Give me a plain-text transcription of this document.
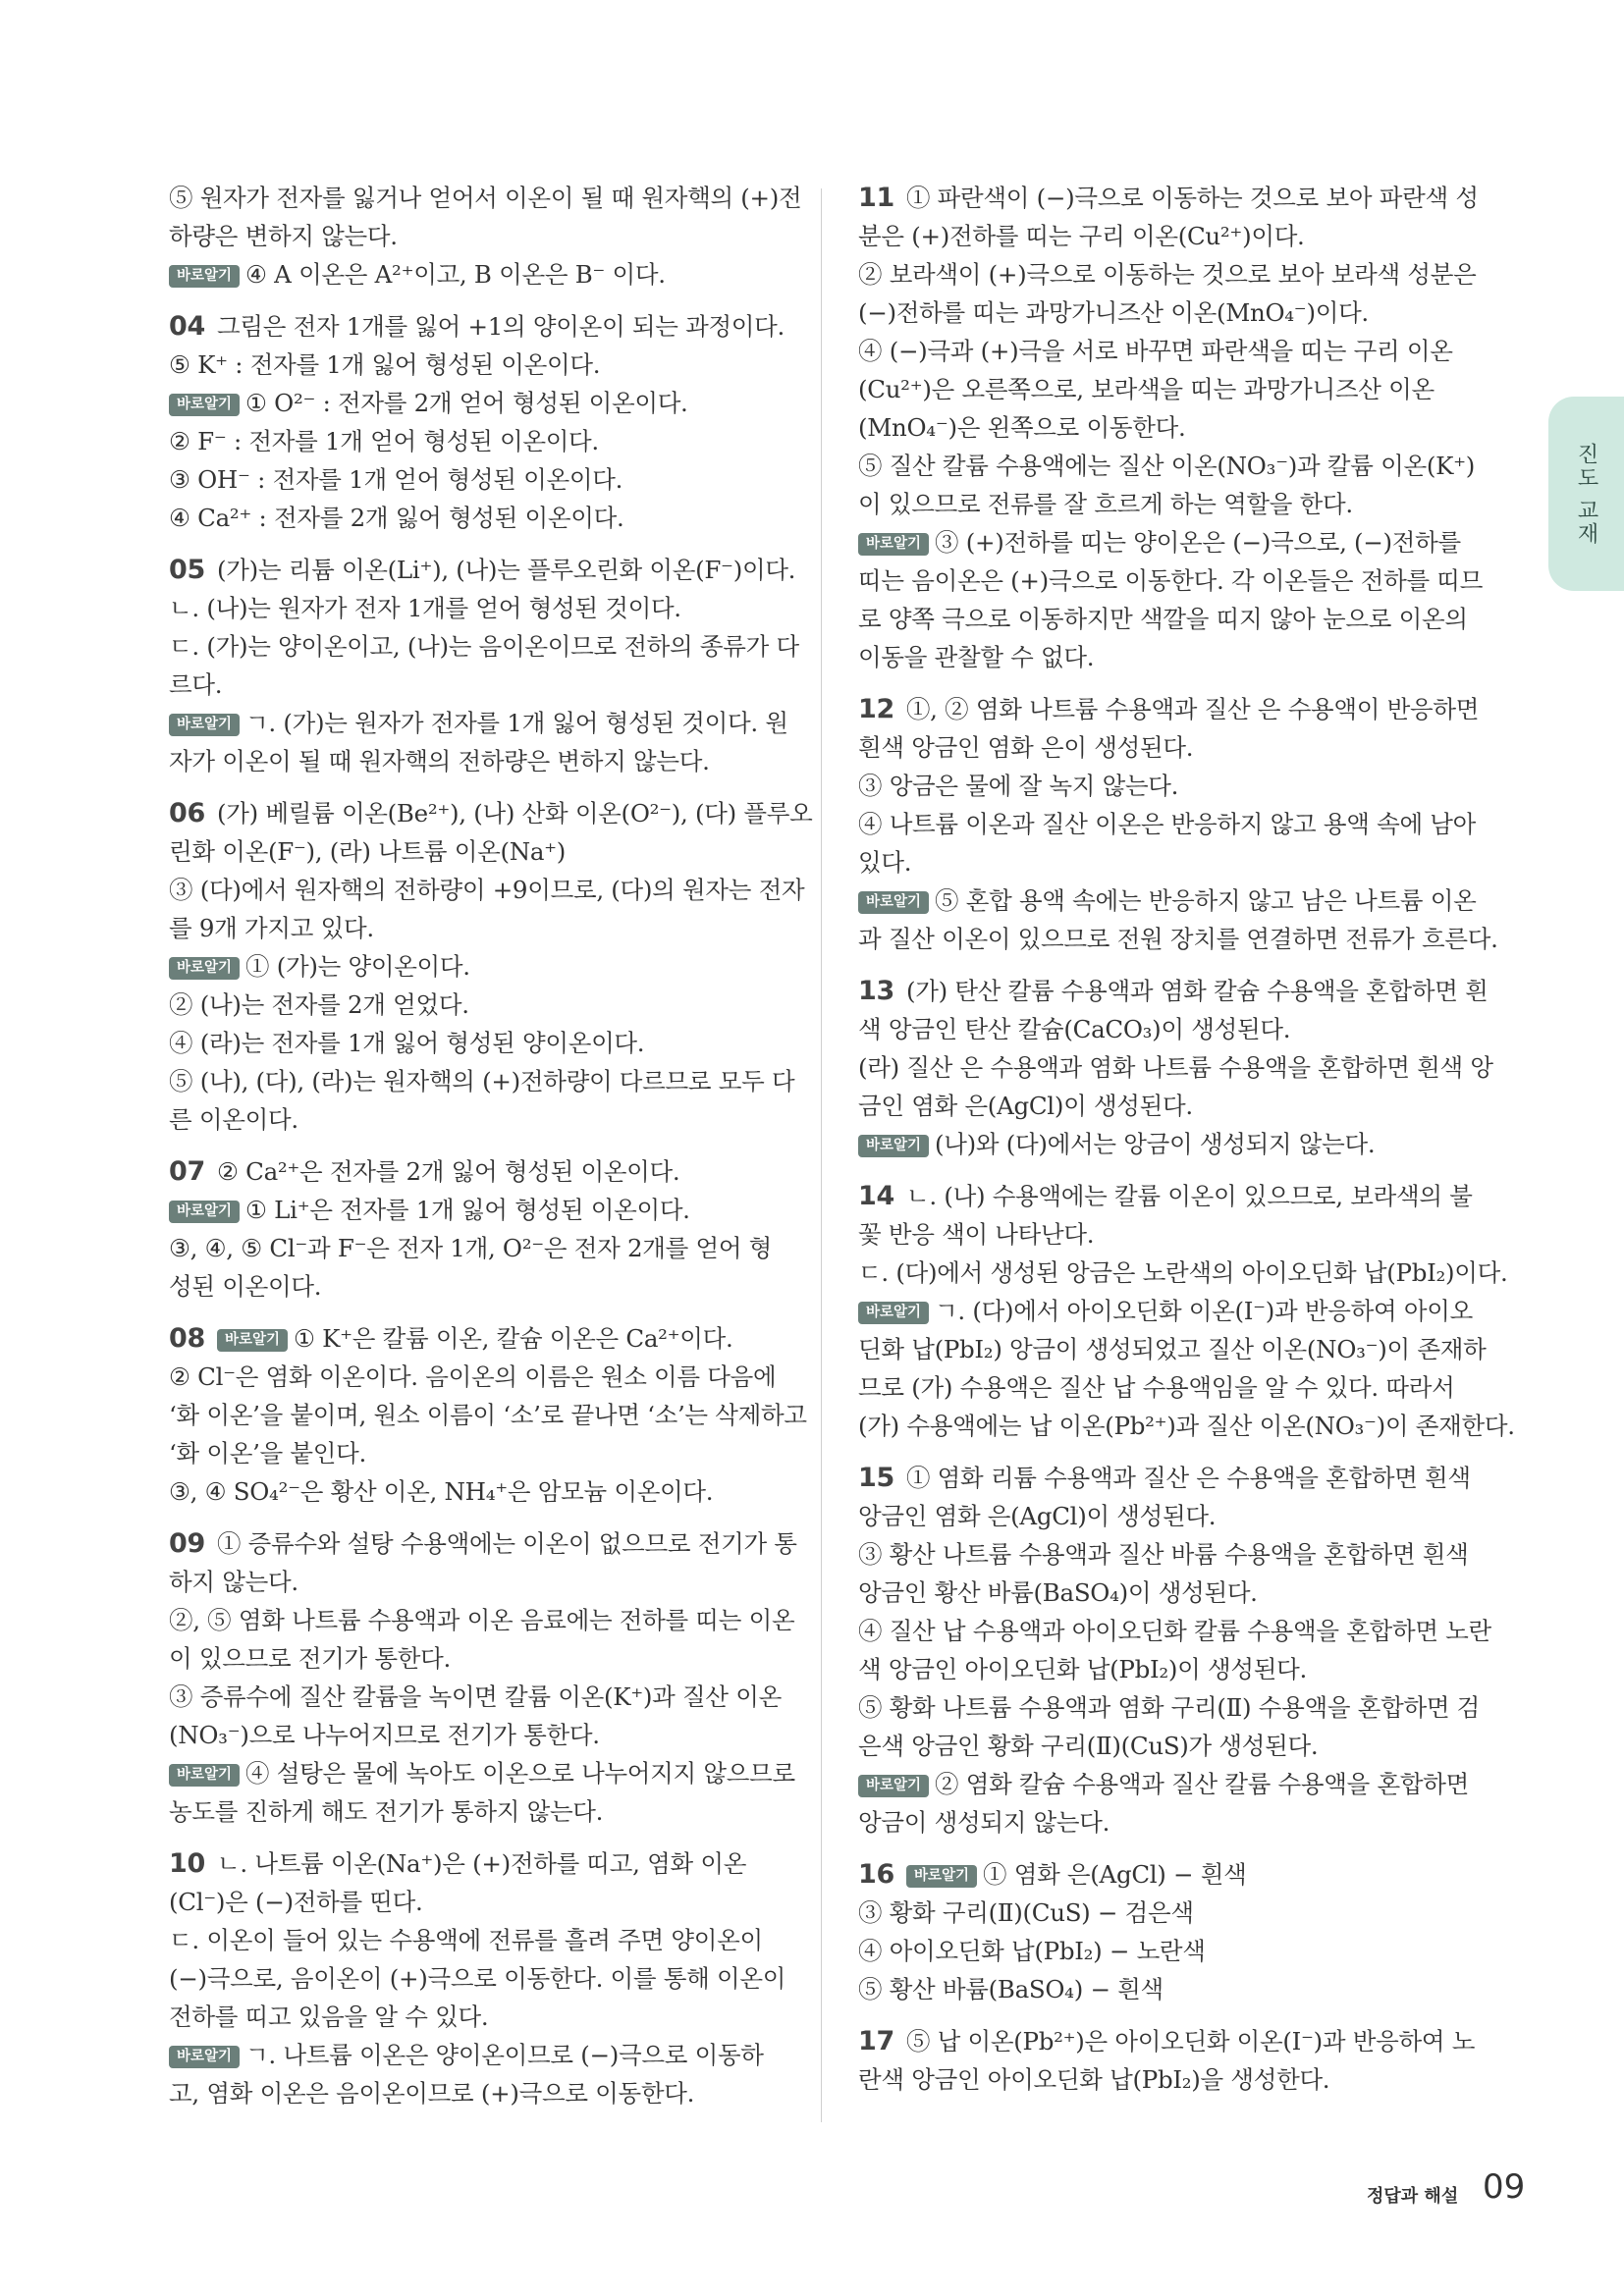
⑤ 원자가 전자를 잃거나 얻어서 이온이 될 때 원자핵의 (+)전
하량은 변하지 않는다.
바로알기 ④ A 이온은 A²⁺이고, B 이온은 B⁻ 이다.
04 그림은 전자 1개를 잃어 +1의 양이온이 되는 과정이다.
⑤ K⁺ : 전자를 1개 잃어 형성된 이온이다.
바로알기 ① O²⁻ : 전자를 2개 얻어 형성된 이온이다.
② F⁻ : 전자를 1개 얻어 형성된 이온이다.
③ OH⁻ : 전자를 1개 얻어 형성된 이온이다.
④ Ca²⁺ : 전자를 2개 잃어 형성된 이온이다.
05 (가)는 리튬 이온(Li⁺), (나)는 플루오린화 이온(F⁻)이다.
ㄴ. (나)는 원자가 전자 1개를 얻어 형성된 것이다.
ㄷ. (가)는 양이온이고, (나)는 음이온이므로 전하의 종류가 다
르다.
바로알기 ㄱ. (가)는 원자가 전자를 1개 잃어 형성된 것이다. 원
자가 이온이 될 때 원자핵의 전하량은 변하지 않는다.
06 (가) 베릴륨 이온(Be²⁺), (나) 산화 이온(O²⁻), (다) 플루오
린화 이온(F⁻), (라) 나트륨 이온(Na⁺)
③ (다)에서 원자핵의 전하량이 +9이므로, (다)의 원자는 전자
를 9개 가지고 있다.
바로알기 ① (가)는 양이온이다.
② (나)는 전자를 2개 얻었다.
④ (라)는 전자를 1개 잃어 형성된 양이온이다.
⑤ (나), (다), (라)는 원자핵의 (+)전하량이 다르므로 모두 다
른 이온이다.
07 ② Ca²⁺은 전자를 2개 잃어 형성된 이온이다.
바로알기 ① Li⁺은 전자를 1개 잃어 형성된 이온이다.
③, ④, ⑤ Cl⁻과 F⁻은 전자 1개, O²⁻은 전자 2개를 얻어 형
성된 이온이다.
08 바로알기 ① K⁺은 칼륨 이온, 칼슘 이온은 Ca²⁺이다.
② Cl⁻은 염화 이온이다. 음이온의 이름은 원소 이름 다음에
‘화 이온’을 붙이며, 원소 이름이 ‘소’로 끝나면 ‘소’는 삭제하고
‘화 이온’을 붙인다.
③, ④ SO₄²⁻은 황산 이온, NH₄⁺은 암모늄 이온이다.
09 ① 증류수와 설탕 수용액에는 이온이 없으므로 전기가 통
하지 않는다.
②, ⑤ 염화 나트륨 수용액과 이온 음료에는 전하를 띠는 이온
이 있으므로 전기가 통한다.
③ 증류수에 질산 칼륨을 녹이면 칼륨 이온(K⁺)과 질산 이온
(NO₃⁻)으로 나누어지므로 전기가 통한다.
바로알기 ④ 설탕은 물에 녹아도 이온으로 나누어지지 않으므로
농도를 진하게 해도 전기가 통하지 않는다.
10 ㄴ. 나트륨 이온(Na⁺)은 (+)전하를 띠고, 염화 이온
(Cl⁻)은 (−)전하를 띤다.
ㄷ. 이온이 들어 있는 수용액에 전류를 흘려 주면 양이온이
(−)극으로, 음이온이 (+)극으로 이동한다. 이를 통해 이온이
전하를 띠고 있음을 알 수 있다.
바로알기 ㄱ. 나트륨 이온은 양이온이므로 (−)극으로 이동하
고, 염화 이온은 음이온이므로 (+)극으로 이동한다.
11 ① 파란색이 (−)극으로 이동하는 것으로 보아 파란색 성
분은 (+)전하를 띠는 구리 이온(Cu²⁺)이다.
② 보라색이 (+)극으로 이동하는 것으로 보아 보라색 성분은
(−)전하를 띠는 과망가니즈산 이온(MnO₄⁻)이다.
④ (−)극과 (+)극을 서로 바꾸면 파란색을 띠는 구리 이온
(Cu²⁺)은 오른쪽으로, 보라색을 띠는 과망가니즈산 이온
(MnO₄⁻)은 왼쪽으로 이동한다.
⑤ 질산 칼륨 수용액에는 질산 이온(NO₃⁻)과 칼륨 이온(K⁺)
이 있으므로 전류를 잘 흐르게 하는 역할을 한다.
바로알기 ③ (+)전하를 띠는 양이온은 (−)극으로, (−)전하를
띠는 음이온은 (+)극으로 이동한다. 각 이온들은 전하를 띠므
로 양쪽 극으로 이동하지만 색깔을 띠지 않아 눈으로 이온의
이동을 관찰할 수 없다.
12 ①, ② 염화 나트륨 수용액과 질산 은 수용액이 반응하면
흰색 앙금인 염화 은이 생성된다.
③ 앙금은 물에 잘 녹지 않는다.
④ 나트륨 이온과 질산 이온은 반응하지 않고 용액 속에 남아
있다.
바로알기 ⑤ 혼합 용액 속에는 반응하지 않고 남은 나트륨 이온
과 질산 이온이 있으므로 전원 장치를 연결하면 전류가 흐른다.
13 (가) 탄산 칼륨 수용액과 염화 칼슘 수용액을 혼합하면 흰
색 앙금인 탄산 칼슘(CaCO₃)이 생성된다.
(라) 질산 은 수용액과 염화 나트륨 수용액을 혼합하면 흰색 앙
금인 염화 은(AgCl)이 생성된다.
바로알기 (나)와 (다)에서는 앙금이 생성되지 않는다.
14 ㄴ. (나) 수용액에는 칼륨 이온이 있으므로, 보라색의 불
꽃 반응 색이 나타난다.
ㄷ. (다)에서 생성된 앙금은 노란색의 아이오딘화 납(PbI₂)이다.
바로알기 ㄱ. (다)에서 아이오딘화 이온(I⁻)과 반응하여 아이오
딘화 납(PbI₂) 앙금이 생성되었고 질산 이온(NO₃⁻)이 존재하
므로 (가) 수용액은 질산 납 수용액임을 알 수 있다. 따라서
(가) 수용액에는 납 이온(Pb²⁺)과 질산 이온(NO₃⁻)이 존재한다.
15 ① 염화 리튬 수용액과 질산 은 수용액을 혼합하면 흰색
앙금인 염화 은(AgCl)이 생성된다.
③ 황산 나트륨 수용액과 질산 바륨 수용액을 혼합하면 흰색
앙금인 황산 바륨(BaSO₄)이 생성된다.
④ 질산 납 수용액과 아이오딘화 칼륨 수용액을 혼합하면 노란
색 앙금인 아이오딘화 납(PbI₂)이 생성된다.
⑤ 황화 나트륨 수용액과 염화 구리(Ⅱ) 수용액을 혼합하면 검
은색 앙금인 황화 구리(Ⅱ)(CuS)가 생성된다.
바로알기 ② 염화 칼슘 수용액과 질산 칼륨 수용액을 혼합하면
앙금이 생성되지 않는다.
16 바로알기 ① 염화 은(AgCl) − 흰색
③ 황화 구리(Ⅱ)(CuS) − 검은색
④ 아이오딘화 납(PbI₂) − 노란색
⑤ 황산 바륨(BaSO₄) − 흰색
17 ⑤ 납 이온(Pb²⁺)은 아이오딘화 이온(I⁻)과 반응하여 노
란색 앙금인 아이오딘화 납(PbI₂)을 생성한다.
진도 교재
정답과 해설 09
